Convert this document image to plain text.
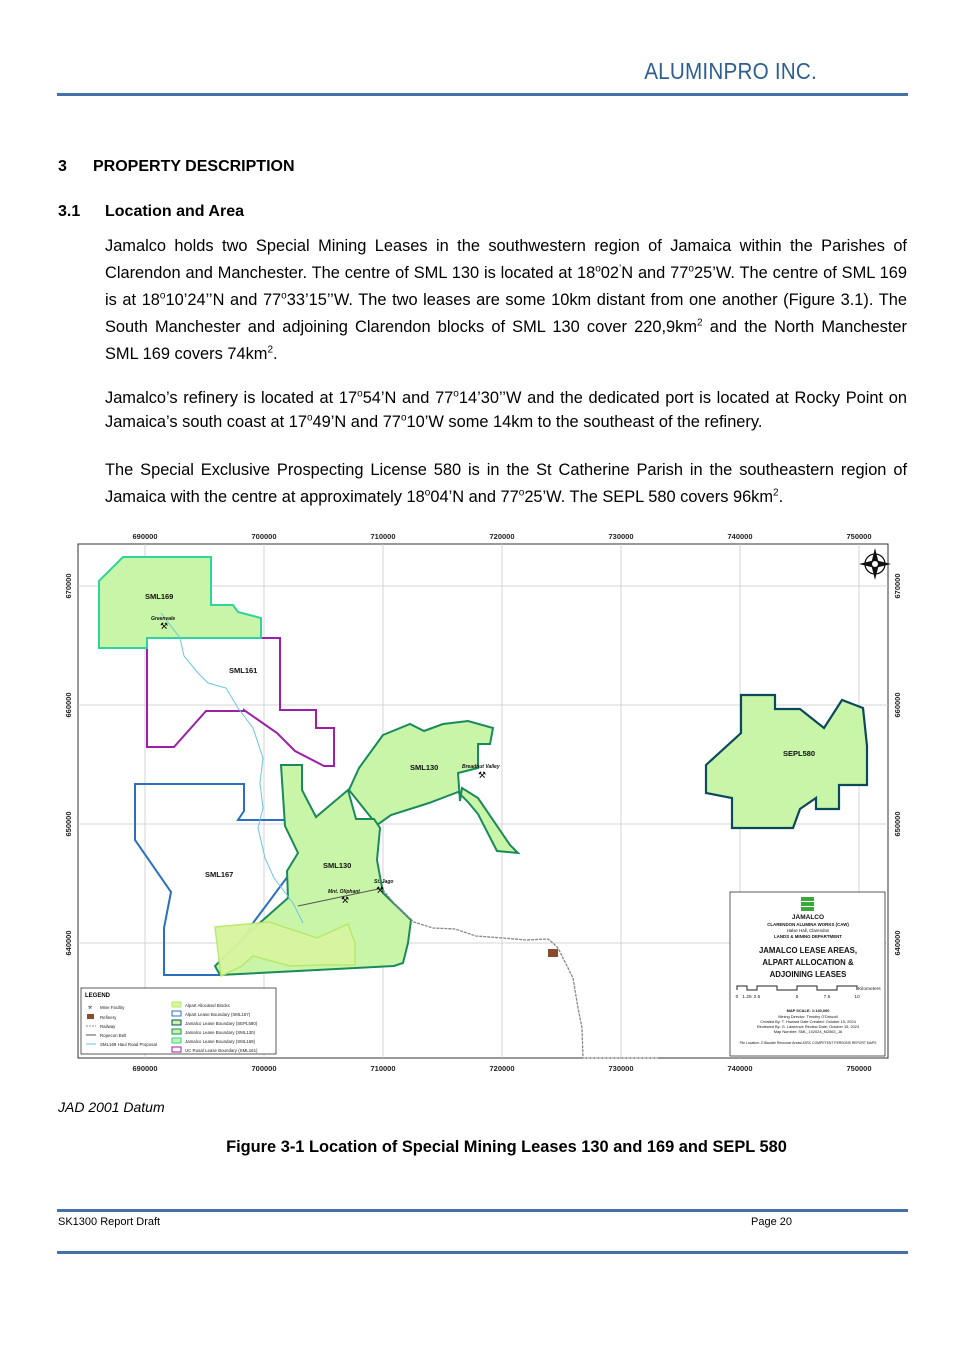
ALUMINPRO INC.
3 PROPERTY DESCRIPTION
3.1 Location and Area

Jamalco holds two Special Mining Leases in the southwestern region of Jamaica within the Parishes of Clarendon and Manchester. The centre of SML 130 is located at 18$^o$02’N and 77$^o$25’W. The centre of SML 169 is at 18$^o$10’24’’N and 77$^o$33’15’’W. The two leases are some 10km distant from one another (Figure 3.1). The South Manchester and adjoining Clarendon blocks of SML 130 cover $220,9km^2$ and the North Manchester SML 169 covers $74km^2$.

Jamalco’s refinery is located at 17$^o$54’N and 77$^o$14’30’’W and the dedicated port is located at Rocky Point on Jamaica’s south coast at 17$^o$49’N and 77$^o$10’W some 14km to the southeast of the refinery.

The Special Exclusive Prospecting License 580 is in the St Catherine Parish in the southeastern region of Jamaica with the centre at approximately 18$^o$04’N and 77$^o$25’W. The SEPL 580 covers $96km^2$.

690000	700000	710000	720000	730000	740000	750000
690000	700000	710000	720000	730000	740000	750000
670000
660000
650000
640000
670000
660000
650000
640000
⚒
⚒
⚒
⚒
SML169
SML161
SML130
SML130
SML167
SEPL580
Greenvale
Breadnut Valley
Mnt. Oliphant
St. Jago
LEGEND
⚒ Mine Facility
Refinery
Railway
Ropecon Belt
SML169 Haul Road Proposal
Alpart Allocated Blocks
Alpart Lease Boundary (SML167)
Jamalco Lease Boundary (SEPL580)
Jamalco Lease Boundary (SML130)
Jamalco Lease Boundary (SML169)
UC Rusal Lease Boundary (SML161)
JAMALCO
CLARENDON ALUMINA WORKS (CAW)
Halse Hall, Clarendon
LANDS & MINING DEPARTMENT
JAMALCO LEASE AREAS,
ALPART ALLOCATION &
ADJOINING LEASES
0 1.25 2.5	5	7.5	10
Kilometers
MAP SCALE: 1:140,000
Mining Director: Timothy O'Driscoll
Created By: T. Howard Date Created: October 15, 2024
Reviewed By: G. Lawrence Review Date: October 15, 2024
Map Number: SML_102024_M2563_JA
File Location: Z:\Bauxite Resource Areas\JORC COMPETENT PERSONS REPORT MAPS
JAD 2001 Datum
Figure 3-1 Location of Special Mining Leases 130 and 169 and SEPL 580
SK1300 Report Draft	Page 20
